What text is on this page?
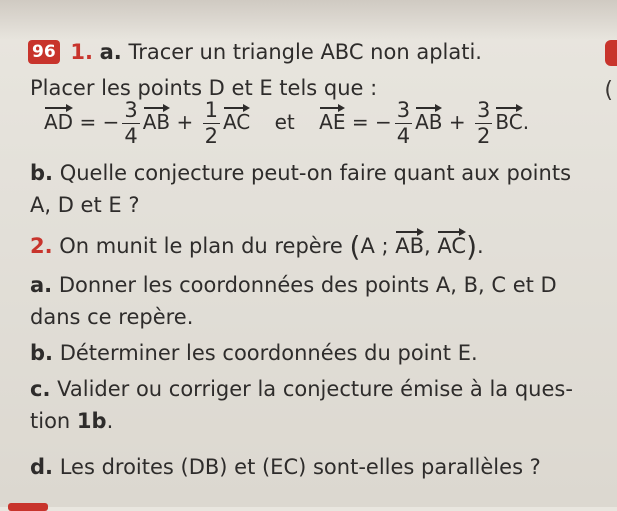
(
96 1. a. Tracer un triangle ABC non aplati.
Placer les points D et E tels que :
AD = − $\frac{3}{4}$ AB + $\frac{1}{2}$ AC et AE = − $\frac{3}{4}$ AB + $\frac{3}{2}$ BC.
b. Quelle conjecture peut-on faire quant aux points
A, D et E ?
2. On munit le plan du repère (A ; AB, AC).
a. Donner les coordonnées des points A, B, C et D
dans ce repère.
b. Déterminer les coordonnées du point E.
c. Valider ou corriger la conjecture émise à la ques-
tion 1b.
d. Les droites (DB) et (EC) sont-elles parallèles ?
